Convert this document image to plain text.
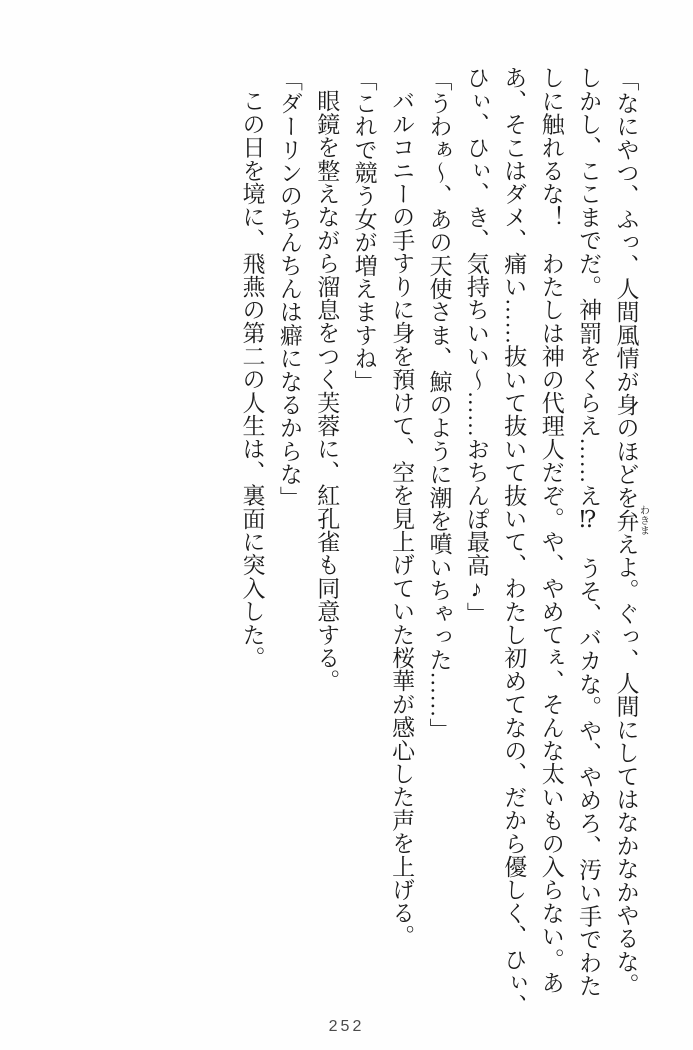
「なにやつ、ふっ、人間風情が身のほどを弁 わきまえよ。ぐっ、人間にしてはなかなかやるな。

しかし、ここまでだ。神罰をくらえ……え⁉　うそ、バカな。や、やめろ、汚い手でわた

しに触れるな！　わたしは神の代理人だぞ。や、やめてぇ、そんな太いもの入らない。あ

あ、そこはダメ、痛い……抜いて抜いて抜いて、わたし初めてなの、だから優しく、ひぃ、

ひぃ、ひぃ、き、気持ちいい〜……おちんぽ最高♪」

「うわぁ〜、あの天使さま、鯨のように潮を噴いちゃった……」

バルコニーの手すりに身を預けて、空を見上げていた桜華が感心した声を上げる。

「これで競う女が増えますね」

眼鏡を整えながら溜息をつく芙蓉に、紅孔雀も同意する。

「ダーリンのちんちんは癖になるからな」

この日を境に、飛燕の第二の人生は、裏面に突入した。

252
